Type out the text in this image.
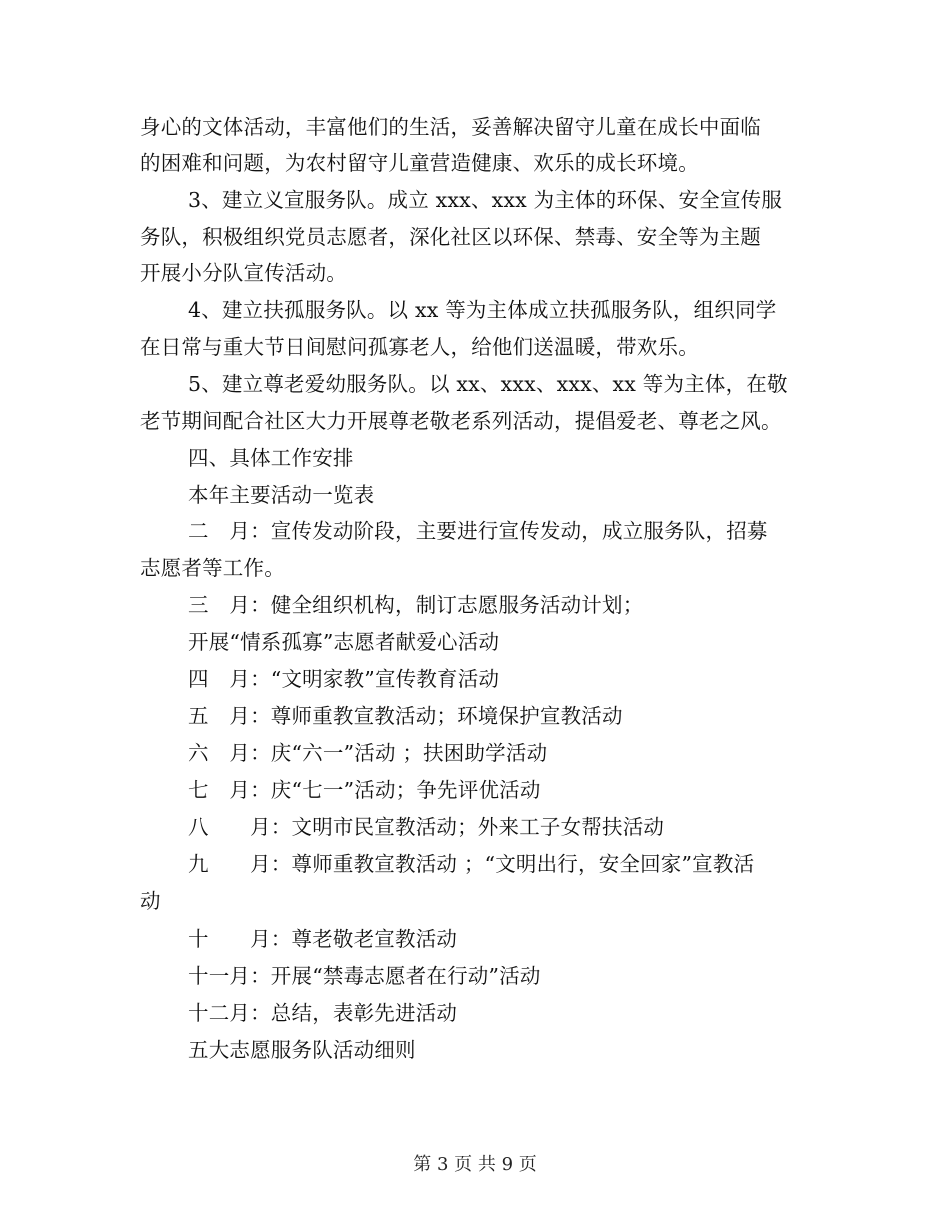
身心的文体活动，丰富他们的生活，妥善解决留守儿童在成长中面临
的困难和问题，为农村留守儿童营造健康、欢乐的成长环境。
3、建立义宣服务队。成立 xxx、xxx 为主体的环保、安全宣传服
务队，积极组织党员志愿者，深化社区以环保、禁毒、安全等为主题
开展小分队宣传活动。
4、建立扶孤服务队。以 xx 等为主体成立扶孤服务队，组织同学
在日常与重大节日间慰问孤寡老人，给他们送温暖，带欢乐。
5、建立尊老爱幼服务队。以 xx、xxx、xxx、xx 等为主体，在敬
老节期间配合社区大力开展尊老敬老系列活动，提倡爱老、尊老之风。
四、具体工作安排
本年主要活动一览表
二　月：宣传发动阶段，主要进行宣传发动，成立服务队，招募
志愿者等工作。
三　月：健全组织机构，制订志愿服务活动计划；
开展“情系孤寡”志愿者献爱心活动
四　月：“文明家教”宣传教育活动
五　月：尊师重教宣教活动；环境保护宣教活动
六　月：庆“六一”活动 ；扶困助学活动
七　月：庆“七一”活动；争先评优活动
八　　月：文明市民宣教活动；外来工子女帮扶活动
九　　月：尊师重教宣教活动 ；“文明出行，安全回家”宣教活
动
十　　月：尊老敬老宣教活动
十一月：开展“禁毒志愿者在行动”活动
十二月：总结，表彰先进活动
五大志愿服务队活动细则
第 3 页 共 9 页
